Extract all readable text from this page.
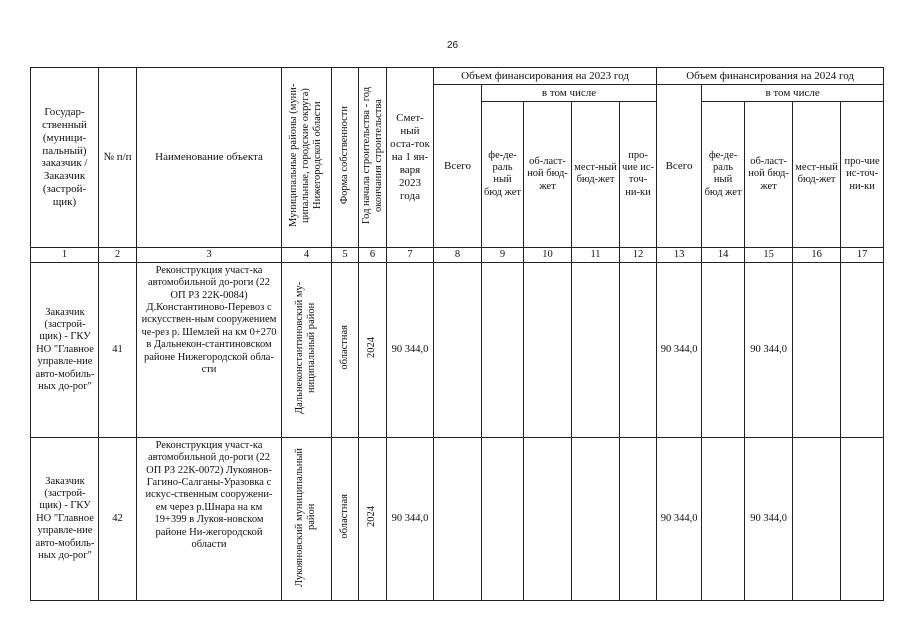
26
Государ-ственный (муници-пальный) заказчик / Заказчик (застрой-щик)	№ п/п	Наименование объекта	Муниципальные районы (муни-ципальные, городские округа) Нижегородской области	Форма собственности	Год начала строительства - год окончания строительства	Смет-ный оста-ток на 1 ян-варя 2023 года	Объем финансирования на 2023 год					Объем финансирования на 2024 год				
							Всего	в том числе				Всего	в том числе			
								фе-де-раль ный бюд жет	об-ласт-ной бюд-жет	мест-ный бюд-жет	про-чие ис-точ-ни-ки		фе-де-раль ный бюд жет	об-ласт-ной бюд-жет	мест-ный бюд-жет	про-чие ис-точ-ни-ки
1	2	3	4	5	6	7	8	9	10	11	12	13	14	15	16	17
Заказчик (застрой-щик) - ГКУ НО "Главное управле-ние авто-мобиль-ных до-рог"	41	Реконструкция участ-ка автомобильной до-роги (22 ОП РЗ 22К-0084) Д.Константиново-Перевоз с искусствен-ным сооружением че-рез р. Шемлей на км 0+270 в Дальнекон-стантиновском районе Нижегородской обла-сти	Дальнеконстантиновский му-ниципальный район	областная	2024	90 344,0						90 344,0		90 344,0		
Заказчик (застрой-щик) - ГКУ НО "Главное управле-ние авто-мобиль-ных до-рог"	42	Реконструкция участ-ка автомобильной до-роги (22 ОП РЗ 22К-0072) Лукоянов-Гагино-Салганы-Уразовка с искус-ственным сооружени-ем через р.Шнара на км 19+399 в Лукоя-новском районе Ни-жегородской области	Лукояновский муниципальный район	областная	2024	90 344,0						90 344,0		90 344,0		
